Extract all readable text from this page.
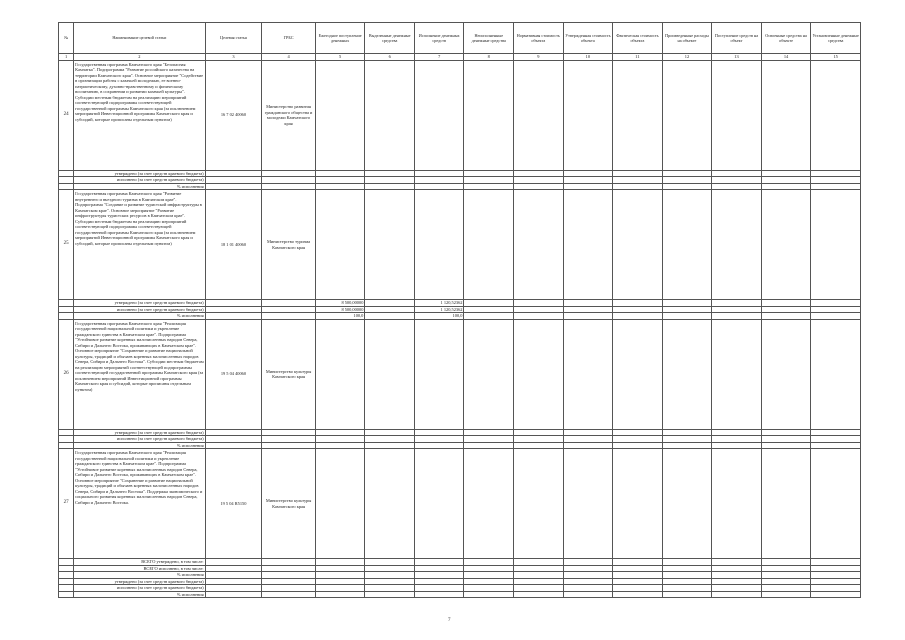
№	Наименование целевой статьи	Целевая статья	ГРБС	Ежегодное поступление денежных	Выделенные денежные средства	Исполнение денежных средств	Неисполненные денежные средства	Нормативная стоимость объекта	Утвержденная стоимость объекта	Фактическая стоимость объекта	Произведенные расходы на объекте	Поступление средств на объект	Освоенные средства на объекте	Установленные денежные средства
1	2	3	4	5	6	7	8	9	10	11	12	13	14	15
24	Государственная программа Камчатского края "Безопасная Камчатка". Подпрограмма "Развитие российского казачества на территории Камчатского края". Основное мероприятие "Содействие в организации работы с казачьей молодежью, ее военно-патриотическому, духовно-нравственному и физическому воспитанию, в сохранении и развитии казачьей культуры". Субсидии местным бюджетам на реализацию мероприятий соответствующей подпрограммы соответствующей государственной программы Камчатского края (за исключением мероприятий Инвестиционной программы Камчатского края и субсидий, которые прописаны отдельным пунктом)	16 7 02 40060	Министерство развития гражданского общества и молодежи Камчатского края											
	утверждено (за счет средств краевого бюджета)													
	исполнено (за счет средств краевого бюджета)													
	% исполнения													
25	Государственная программа Камчатского края "Развитие внутреннего и въездного туризма в Камчатском крае". Подпрограмма "Создание и развитие туристской инфраструктуры в Камчатском крае". Основное мероприятие "Развитие инфраструктуры туристских ресурсов в Камчатском крае". Субсидии местным бюджетам на реализацию мероприятий соответствующей подпрограммы соответствующей государственной программы Камчатского края (за исключением мероприятий Инвестиционной программы Камчатского края и субсидий, которые прописаны отдельным пунктом)	18 1 01 40060	Министерство туризма Камчатского края											
	утверждено (за счет средств краевого бюджета)			8 500,00000		1 120,52362								
	исполнено (за счет средств краевого бюджета)			8 500,00000		1 120,52362								
	% исполнения			100,0		100,0								
26	Государственная программа Камчатского края "Реализация государственной национальной политики и укрепление гражданского единства в Камчатском крае". Подпрограмма "Устойчивое развитие коренных малочисленных народов Севера, Сибири и Дальнего Востока, проживающих в Камчатском крае". Основное мероприятие "Сохранение и развитие национальной культуры, традиций и обычаев коренных малочисленных народов Севера, Сибири и Дальнего Востока". Субсидии местным бюджетам на реализацию мероприятий соответствующей подпрограммы соответствующей государственной программы Камчатского края (за исключением мероприятий Инвестиционной программы Камчатского края и субсидий, которые прописаны отдельным пунктом)	19 5 04 40060	Министерство культуры Камчатского края											
	утверждено (за счет средств краевого бюджета)													
	исполнено (за счет средств краевого бюджета)													
	% исполнения													
27	Государственная программа Камчатского края "Реализация государственной национальной политики и укрепление гражданского единства в Камчатском крае". Подпрограмма "Устойчивое развитие коренных малочисленных народов Севера, Сибири и Дальнего Востока, проживающих в Камчатском крае". Основное мероприятие "Сохранение и развитие национальной культуры, традиций и обычаев коренных малочисленных народов Севера, Сибири и Дальнего Востока". Поддержка экономического и социального развития коренных малочисленных народов Севера, Сибири и Дальнего Востока.	19 5 04 R5150	Министерство культуры Камчатского края											
	ВСЕГО утверждено, в том числе:													
	ВСЕГО исполнено, в том числе:													
	% исполнения													
	утверждено (за счет средств краевого бюджета)													
	исполнено (за счет средств краевого бюджета)													
	% исполнения													
7
